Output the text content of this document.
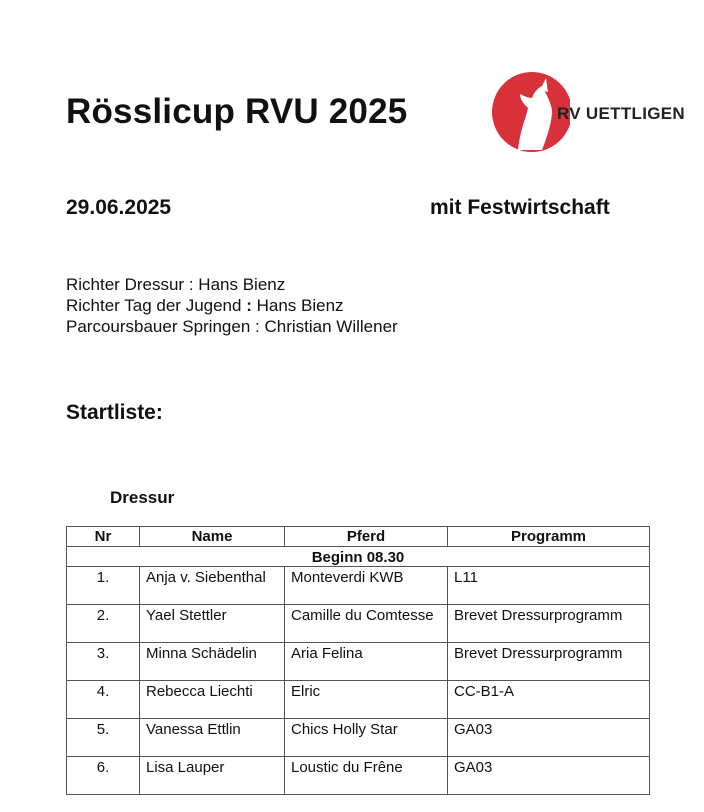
Rösslicup RVU 2025	RV UETTLIGEN
29.06.2025	mit Festwirtschaft
Richter Dressur : Hans Bienz
Richter Tag der Jugend : Hans Bienz
Parcoursbauer Springen : Christian Willener
Startliste:
Dressur
Nr	Name	Pferd	Programm
Beginn 08.30			
1.	Anja v. Siebenthal	Monteverdi KWB	L11
2.	Yael Stettler	Camille du Comtesse	Brevet Dressurprogramm
3.	Minna Schädelin	Aria Felina	Brevet Dressurprogramm
4.	Rebecca Liechti	Elric	CC-B1-A
5.	Vanessa Ettlin	Chics Holly Star	GA03
6.	Lisa Lauper	Loustic du Frêne	GA03
